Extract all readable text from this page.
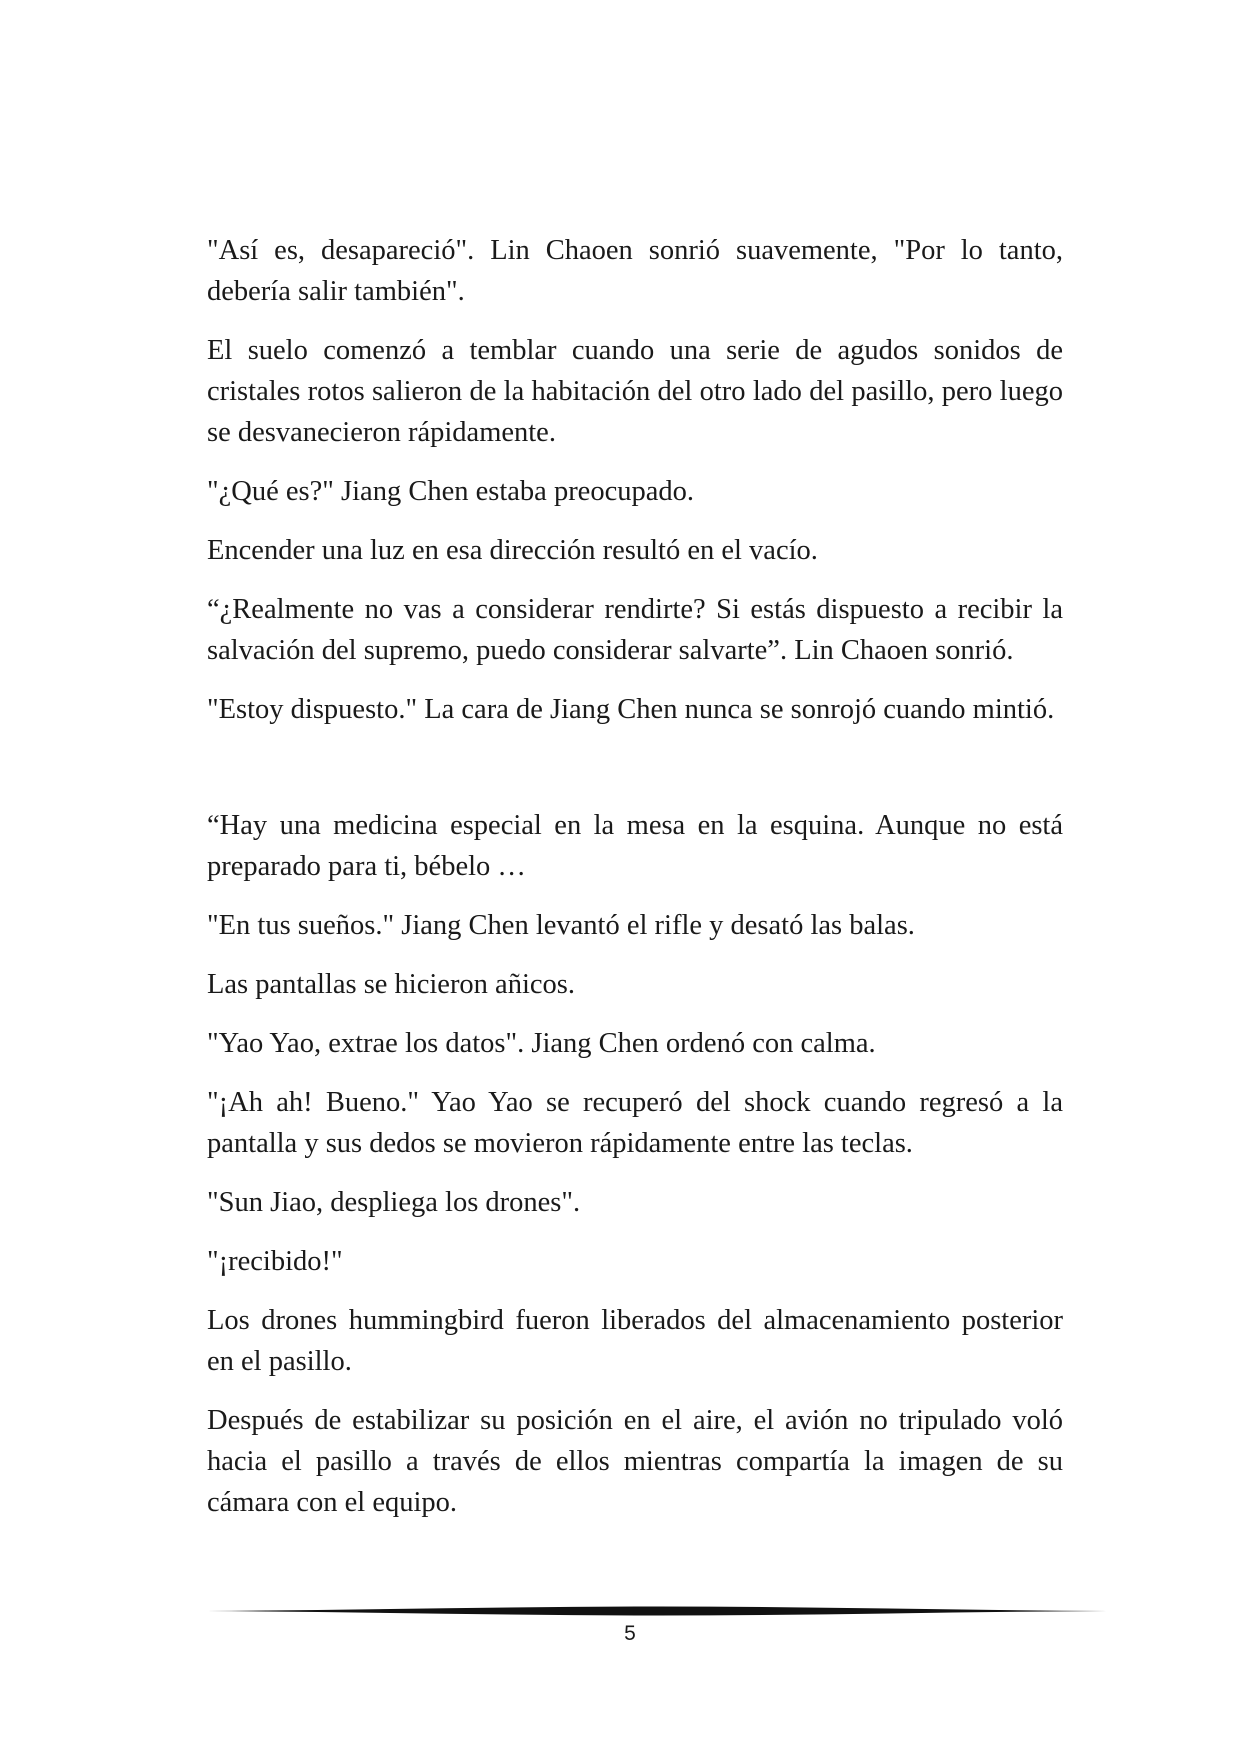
"Así es, desapareció". Lin Chaoen sonrió suavemente, "Por lo tanto, debería salir también".

El suelo comenzó a temblar cuando una serie de agudos sonidos de cristales rotos salieron de la habitación del otro lado del pasillo, pero luego se desvanecieron rápidamente.

"¿Qué es?" Jiang Chen estaba preocupado.

Encender una luz en esa dirección resultó en el vacío.

“¿Realmente no vas a considerar rendirte? Si estás dispuesto a recibir la salvación del supremo, puedo considerar salvarte”. Lin Chaoen sonrió.

"Estoy dispuesto." La cara de Jiang Chen nunca se sonrojó cuando mintió.

“Hay una medicina especial en la mesa en la esquina. Aunque no está preparado para ti, bébelo …

"En tus sueños." Jiang Chen levantó el rifle y desató las balas.

Las pantallas se hicieron añicos.

"Yao Yao, extrae los datos". Jiang Chen ordenó con calma.

"¡Ah ah! Bueno." Yao Yao se recuperó del shock cuando regresó a la pantalla y sus dedos se movieron rápidamente entre las teclas.

"Sun Jiao, despliega los drones".

"¡recibido!"

Los drones hummingbird fueron liberados del almacenamiento posterior en el pasillo.

Después de estabilizar su posición en el aire, el avión no tripulado voló hacia el pasillo a través de ellos mientras compartía la imagen de su cámara con el equipo.

5
